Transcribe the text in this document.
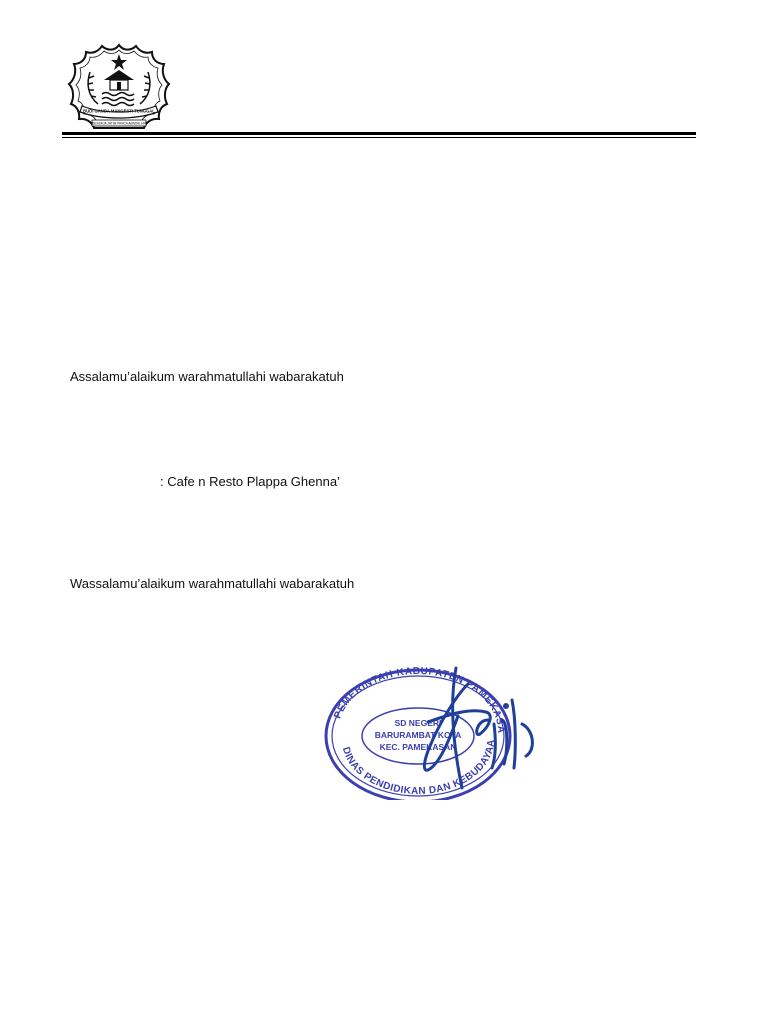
BUDI GANDA MANGESTI TUNGGAL
BESSAJA JATIM PANCA ABNDIE HR
Assalamu’alaikum warahmatullahi wabarakatuh
: Cafe n Resto Plappa Ghenna’
Wassalamu’alaikum warahmatullahi wabarakatuh
PEMERINTAH KABUPATEN PAMEKASA
DINAS PENDIDIKAN DAN KEBUDAYAA
SD NEGERI
BARURAMBAT KOTA
KEC. PAMEKASAN
